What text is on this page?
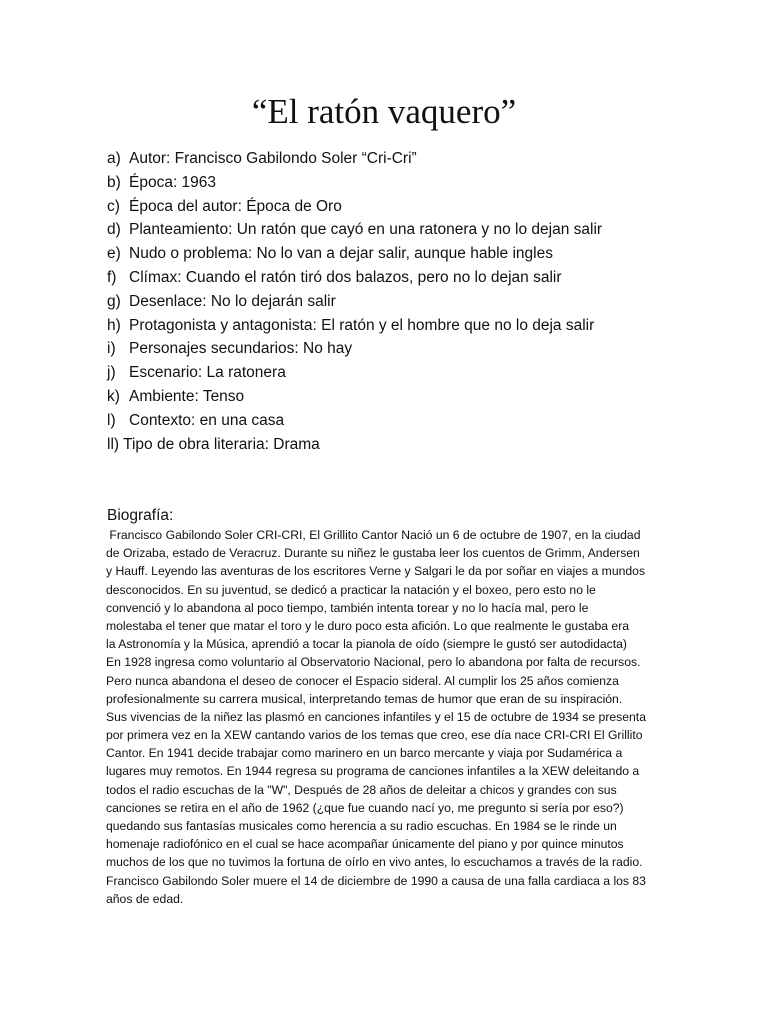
“El ratón vaquero”
a) Autor: Francisco Gabilondo Soler “Cri-Cri”
b) Época: 1963
c) Época del autor: Época de Oro
d) Planteamiento: Un ratón que cayó en una ratonera y no lo dejan salir
e) Nudo o problema: No lo van a dejar salir, aunque hable ingles
f) Clímax: Cuando el ratón tiró dos balazos, pero no lo dejan salir
g) Desenlace: No lo dejarán salir
h) Protagonista y antagonista: El ratón y el hombre que no lo deja salir
i) Personajes secundarios: No hay
j) Escenario: La ratonera
k) Ambiente: Tenso
l) Contexto: en una casa
ll) Tipo de obra literaria: Drama
Biografía:
Francisco Gabilondo Soler CRI-CRI, El Grillito Cantor Nació un 6 de octubre de 1907, en la ciudad
de Orizaba, estado de Veracruz. Durante su niñez le gustaba leer los cuentos de Grimm, Andersen
y Hauff. Leyendo las aventuras de los escritores Verne y Salgari le da por soñar en viajes a mundos
desconocidos. En su juventud, se dedicó a practicar la natación y el boxeo, pero esto no le
convenció y lo abandona al poco tiempo, también intenta torear y no lo hacía mal, pero le
molestaba el tener que matar el toro y le duro poco esta afición. Lo que realmente le gustaba era
la Astronomía y la Música, aprendió a tocar la pianola de oído (siempre le gustó ser autodidacta)
En 1928 ingresa como voluntario al Observatorio Nacional, pero lo abandona por falta de recursos.
Pero nunca abandona el deseo de conocer el Espacio sideral. Al cumplir los 25 años comienza
profesionalmente su carrera musical, interpretando temas de humor que eran de su inspiración.
Sus vivencias de la niñez las plasmó en canciones infantiles y el 15 de octubre de 1934 se presenta
por primera vez en la XEW cantando varios de los temas que creo, ese día nace CRI-CRI El Grillito
Cantor. En 1941 decide trabajar como marinero en un barco mercante y viaja por Sudamérica a
lugares muy remotos. En 1944 regresa su programa de canciones infantiles a la XEW deleitando a
todos el radio escuchas de la "W", Después de 28 años de deleitar a chicos y grandes con sus
canciones se retira en el año de 1962 (¿que fue cuando nací yo, me pregunto si sería por eso?)
quedando sus fantasías musicales como herencia a su radio escuchas. En 1984 se le rinde un
homenaje radiofónico en el cual se hace acompañar únicamente del piano y por quince minutos
muchos de los que no tuvimos la fortuna de oírlo en vivo antes, lo escuchamos a través de la radio.
Francisco Gabilondo Soler muere el 14 de diciembre de 1990 a causa de una falla cardiaca a los 83
años de edad.
